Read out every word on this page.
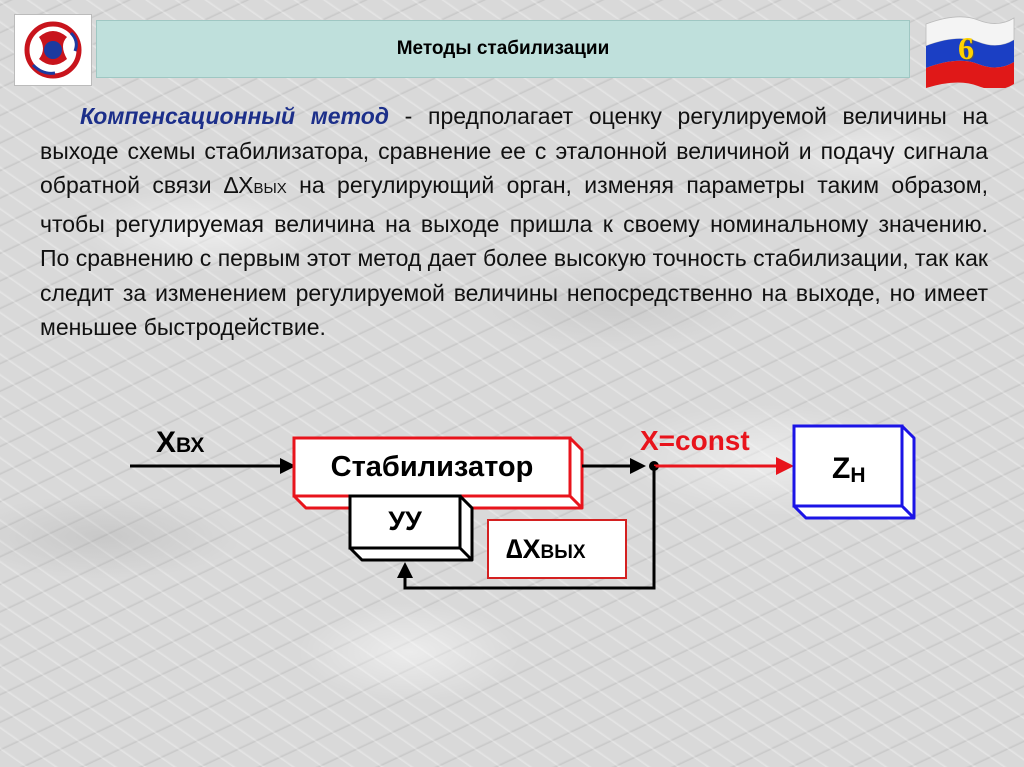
Методы стабилизации	6
Компенсационный метод - предполагает оценку регулируемой величины на выходе схемы стабилизатора, сравнение ее с эталонной величиной и подачу сигнала обратной связи ∆XВЫХ на регулирующий орган, изменяя параметры таким образом, чтобы регулируемая величина на выходе пришла к своему номинальному значению. По сравнению с первым этот метод дает более высокую точность стабилизации, так как следит за изменением регулируемой величины непосредственно на выходе, но имеет меньшее быстродействие.
XВХ
Стабилизатор
УУ
X=const
ZН
∆XВЫХ
